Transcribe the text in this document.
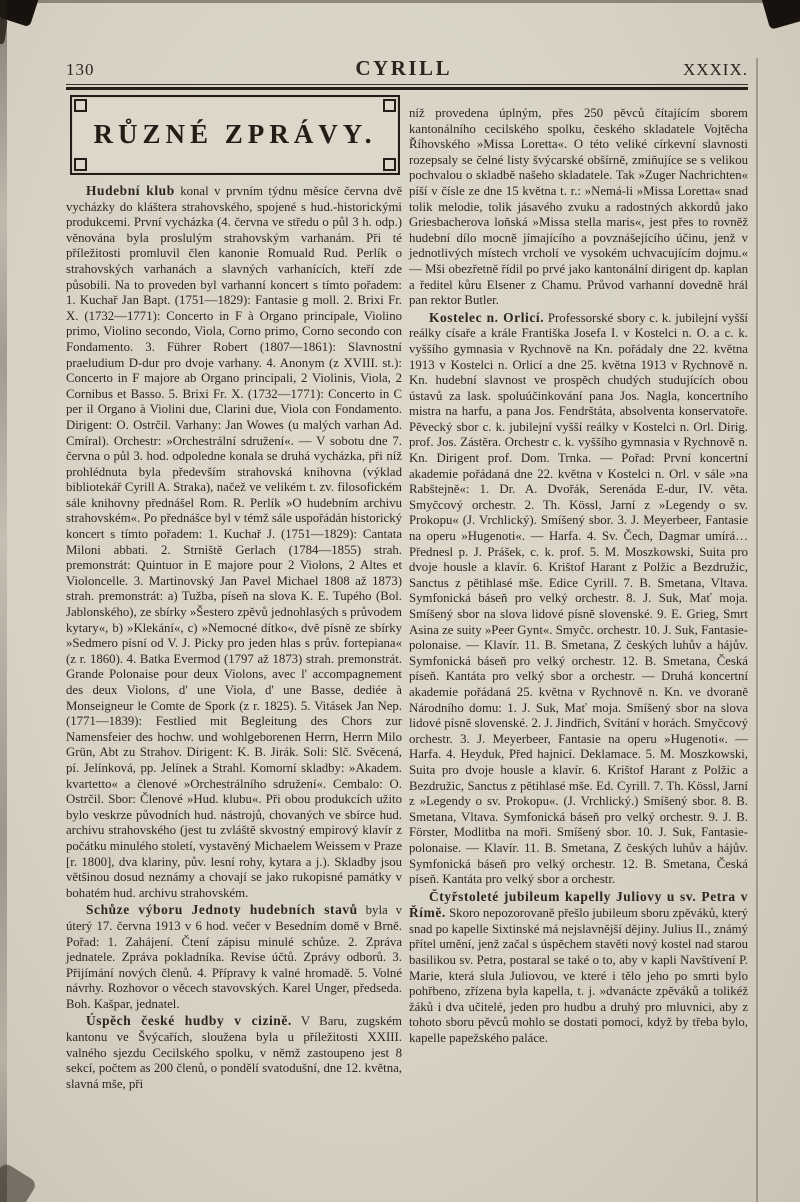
130	CYRILL	XXXIX.
RŮZNÉ ZPRÁVY.

Hudební klub konal v prvním týdnu měsíce června dvě vycházky do kláštera strahovského, spojené s hud.-historickými produkcemi. První vycházka (4. června ve středu o půl 3 h. odp.) věnována byla proslulým strahovským varhanám. Při té příležitosti promluvil člen kanonie Romuald Rud. Perlík o strahovských varhanách a slavných varhanících, kteří zde působili. Na to proveden byl varhanní koncert s tímto pořadem: 1. Kuchař Jan Bapt. (1751—1829): Fantasie g moll. 2. Brixi Fr. X. (1732—1771): Concerto in F à Organo principale, Violino primo, Violino secondo, Viola, Corno primo, Corno secondo con Fondamento. 3. Führer Robert (1807—1861): Slavnostní praeludium D-dur pro dvoje varhany. 4. Anonym (z XVIII. st.): Concerto in F majore ab Organo principali, 2 Violinis, Viola, 2 Cornibus et Basso. 5. Brixi Fr. X. (1732—1771): Concerto in C per il Organo à Violini due, Clarini due, Viola con Fondamento. Dirigent: O. Ostrčil. Varhany: Jan Wowes (u malých varhan Ad. Cmíral). Orchestr: »Orchestrální sdružení«. — V sobotu dne 7. června o půl 3. hod. odpoledne konala se druhá vycházka, při níž prohlédnuta byla především strahovská knihovna (výklad bibliotekář Cyrill A. Straka), načež ve velikém t. zv. filosofickém sále knihovny přednášel Rom. R. Perlík »O hudebním archivu strahovském«. Po přednášce byl v témž sále uspořádán historický koncert s tímto pořadem: 1. Kuchař J. (1751—1829): Cantata Miloni abbati. 2. Strniště Gerlach (1784—1855) strah. premonstrát: Quintuor in E majore pour 2 Violons, 2 Altes et Violoncelle. 3. Martinovský Jan Pavel Michael 1808 až 1873) strah. premonstrát: a) Tužba, píseň na slova K. E. Tupého (Bol. Jablonského), ze sbírky »Šestero zpěvů jednohlasých s průvodem kytary«, b) »Klekání«, c) »Nemocné dítko«, dvě písně ze sbírky »Sedmero písní od V. J. Picky pro jeden hlas s prův. fortepiana« (z r. 1860). 4. Batka Evermod (1797 až 1873) strah. premonstrát. Grande Polonaise pour deux Violons, avec l' accompagnement des deux Violons, d' une Viola, d' une Basse, dediée à Monseigneur le Comte de Spork (z r. 1825). 5. Vitásek Jan Nep. (1771—1839): Festlied mit Begleitung des Chors zur Namensfeier des hochw. und wohlgeborenen Herrn, Herrn Milo Grün, Abt zu Strahov. Dirigent: K. B. Jirák. Soli: Slč. Svěcená, pí. Jelínková, pp. Jelínek a Strahl. Komorní skladby: »Akadem. kvartetto« a členové »Orchestrálního sdružení«. Cembalo: O. Ostrčil. Sbor: Členové »Hud. klubu«. Při obou produkcích užito bylo veskrze původních hud. nástrojů, chovaných ve sbírce hud. archivu strahovského (jest tu zvláště skvostný empirový klavír z počátku minulého století, vystavěný Michaelem Weissem v Praze [r. 1800], dva klariny, pův. lesní rohy, kytara a j.). Skladby jsou většinou dosud neznámy a chovají se jako rukopisné památky v bohatém hud. archivu strahovském.

Schůze výboru Jednoty hudebních stavů byla v úterý 17. června 1913 v 6 hod. večer v Besedním domě v Brně. Pořad: 1. Zahájení. Čtení zápisu minulé schůze. 2. Zpráva jednatele. Zpráva pokladníka. Revise účtů. Zprávy odborů. 3. Přijímání nových členů. 4. Přípravy k valné hromadě. 5. Volné návrhy. Rozhovor o věcech stavovských. Karel Unger, předseda. Boh. Kašpar, jednatel.

Úspěch české hudby v cizině. V Baru, zugském kantonu ve Švýcařích, sloužena byla u příležitosti XXIII. valného sjezdu Cecilského spolku, v němž zastoupeno jest 8 sekcí, počtem as 200 členů, o pondělí svatodušní, dne 12. května, slavná mše, při

níž provedena úplným, přes 250 pěvců čítajícím sborem kantonálního cecilského spolku, českého skladatele Vojtěcha Říhovského »Missa Loretta«. O této veliké církevní slavnosti rozepsaly se čelné listy švýcarské obšírně, zmiňujíce se s velikou pochvalou o skladbě našeho skladatele. Tak »Zuger Nachrichten« píší v čísle ze dne 15 května t. r.: »Nemá-li »Missa Loretta« snad tolik melodie, tolik jásavého zvuku a radostných akkordů jako Griesbacherova loňská »Missa stella maris«, jest přes to rovněž hudební dílo mocně jímajícího a povznášejícího účinu, jenž v jednotlivých místech vrcholí ve vysokém uchvacujícím dojmu.« — Mši obezřetně řídil po prvé jako kantonální dirigent dp. kaplan a ředitel kůru Elsener z Chamu. Průvod varhanní dovedně hrál pan rektor Butler.

Kostelec n. Orlicí. Professorské sbory c. k. jubilejní vyšší reálky císaře a krále Františka Josefa I. v Kostelci n. O. a c. k. vyššího gymnasia v Rychnově na Kn. pořádaly dne 22. května 1913 v Kostelci n. Orlicí a dne 25. května 1913 v Rychnově n. Kn. hudební slavnost ve prospěch chudých studujících obou ústavů za lask. spoluúčinkování pana Jos. Nagla, koncertního mistra na harfu, a pana Jos. Fendrštáta, absolventa konservatoře. Pěvecký sbor c. k. jubilejní vyšší reálky v Kostelci n. Orl. Dirig. prof. Jos. Zástěra. Orchestr c. k. vyššího gymnasia v Rychnově n. Kn. Dirigent prof. Dom. Trnka. — Pořad: První koncertní akademie pořádaná dne 22. května v Kostelci n. Orl. v sále »na Rabštejně«: 1. Dr. A. Dvořák, Serenáda E-dur, IV. věta. Smyčcový orchestr. 2. Th. Kössl, Jarní z »Legendy o sv. Prokopu« (J. Vrchlický). Smíšený sbor. 3. J. Meyerbeer, Fantasie na operu »Hugenoti«. — Harfa. 4. Sv. Čech, Dagmar umírá… Přednesl p. J. Prášek, c. k. prof. 5. M. Moszkowski, Suita pro dvoje housle a klavír. 6. Krištof Harant z Polžic a Bezdružic, Sanctus z pětihlasé mše. Edice Cyrill. 7. B. Smetana, Vltava. Symfonická báseň pro velký orchestr. 8. J. Suk, Mať moja. Smíšený sbor na slova lidové písně slovenské. 9. E. Grieg, Smrt Asina ze suity »Peer Gynt«. Smyčc. orchestr. 10. J. Suk, Fantasie-polonaise. — Klavír. 11. B. Smetana, Z českých luhův a hájův. Symfonická báseň pro velký orchestr. 12. B. Smetana, Česká píseň. Kantáta pro velký sbor a orchestr. — Druhá koncertní akademie pořádaná 25. května v Rychnově n. Kn. ve dvoraně Národního domu: 1. J. Suk, Mať moja. Smíšený sbor na slova lidové písně slovenské. 2. J. Jindřich, Svítání v horách. Smyčcový orchestr. 3. J. Meyerbeer, Fantasie na operu »Hugenoti«. — Harfa. 4. Heyduk, Před hajnicí. Deklamace. 5. M. Moszkowski, Suita pro dvoje housle a klavír. 6. Krištof Harant z Polžic a Bezdružic, Sanctus z pětihlasé mše. Ed. Cyrill. 7. Th. Kössl, Jarní z »Legendy o sv. Prokopu«. (J. Vrchlický.) Smíšený sbor. 8. B. Smetana, Vltava. Symfonická báseň pro velký orchestr. 9. J. B. Förster, Modlitba na moři. Smíšený sbor. 10. J. Suk, Fantasie-polonaise. — Klavír. 11. B. Smetana, Z českých luhův a hájův. Symfonická báseň pro velký orchestr. 12. B. Smetana, Česká píseň. Kantáta pro velký sbor a orchestr.

Čtyřstoleté jubileum kapelly Juliovy u sv. Petra v Římě. Skoro nepozorovaně přešlo jubileum sboru zpěváků, který snad po kapelle Sixtinské má nejslavnější dějiny. Julius II., známý přítel umění, jenž začal s úspěchem stavěti nový kostel nad starou basilikou sv. Petra, postaral se také o to, aby v kapli Navštívení P. Marie, která slula Juliovou, ve které i tělo jeho po smrti bylo pohřbeno, zřízena byla kapella, t. j. »dvanácte zpěváků a tolikéž žáků i dva učitelé, jeden pro hudbu a druhý pro mluvnici, aby z tohoto sboru pěvců mohlo se dostati pomoci, když by třeba bylo, kapelle papežského paláce.
